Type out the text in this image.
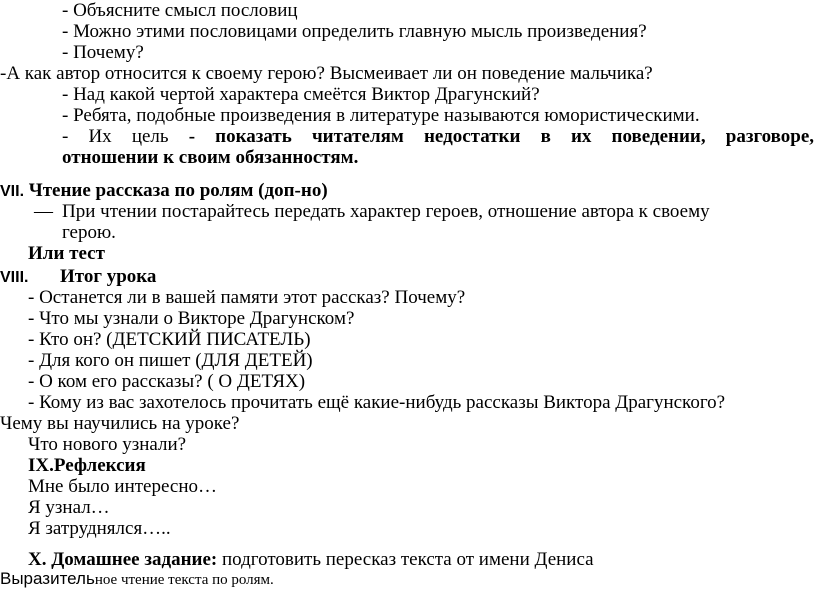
- Объясните смысл пословиц
- Можно этими пословицами определить главную мысль произведения?
- Почему?
-А как автор относится к своему герою? Высмеивает ли он поведение мальчика?
- Над какой чертой характера смеётся Виктор Драгунский?
- Ребята, подобные произведения в литературе называются юмористическими.
- Их цель - показать читателям недостатки в их поведении, разговоре,
отношении к своим обязанностям.
VII. Чтение рассказа по ролям (доп-но)
— При чтении постарайтесь передать характер героев, отношение автора к своему
герою.
Или тест
VIII. Итог урока
- Останется ли в вашей памяти этот рассказ? Почему?
- Что мы узнали о Викторе Драгунском?
- Кто он? (ДЕТСКИЙ ПИСАТЕЛЬ)
- Для кого он пишет (ДЛЯ ДЕТЕЙ)
- О ком его рассказы? ( О ДЕТЯХ)
- Кому из вас захотелось прочитать ещё какие-нибудь рассказы Виктора Драгунского?
Чему вы научились на уроке?
Что нового узнали?
IX.Рефлексия
Мне было интересно…
Я узнал…
Я затруднялся…..
X. Домашнее задание: подготовить пересказ текста от имени Дениса
Выразительное чтение текста по ролям.
